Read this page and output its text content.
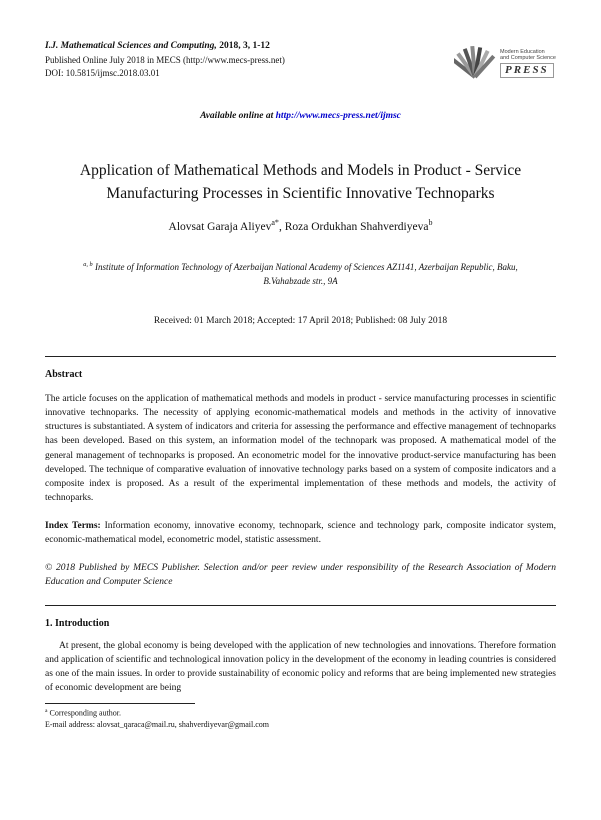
I.J. Mathematical Sciences and Computing, 2018, 3, 1-12
Published Online July 2018 in MECS (http://www.mecs-press.net)
DOI: 10.5815/ijmsc.2018.03.01
Modern Education
and Computer Science
PRESS
Available online at http://www.mecs-press.net/ijmsc
Application of Mathematical Methods and Models in Product - Service Manufacturing Processes in Scientific Innovative Technoparks
Alovsat Garaja Aliyev$^{a*}$, Roza Ordukhan Shahverdiyeva$^b$
$^{a, b}$ Institute of Information Technology of Azerbaijan National Academy of Sciences AZ1141, Azerbaijan Republic, Baku, B.Vahabzade str., 9A
Received: 01 March 2018; Accepted: 17 April 2018; Published: 08 July 2018
Abstract
The article focuses on the application of mathematical methods and models in product - service manufacturing processes in scientific innovative technoparks. The necessity of applying economic-mathematical models and methods in the activity of innovative structures is substantiated. A system of indicators and criteria for assessing the performance and effective management of technoparks has been developed. Based on this system, an information model of the technopark was proposed. A mathematical model of the general management of technoparks is proposed. An econometric model for the innovative product-service manufacturing has been developed. The technique of comparative evaluation of innovative technology parks based on a system of composite indicators and a composite index is proposed. As a result of the experimental implementation of these methods and models, the activity of technoparks.
Index Terms: Information economy, innovative economy, technopark, science and technology park, composite indicator system, economic-mathematical model, econometric model, statistic assessment.
© 2018 Published by MECS Publisher. Selection and/or peer review under responsibility of the Research Association of Modern Education and Computer Science
1. Introduction
At present, the global economy is being developed with the application of new technologies and innovations. Therefore formation and application of scientific and technological innovation policy in the development of the economy in leading countries is considered as one of the main issues. In order to provide sustainability of economic policy and reforms that are being implemented new strategies of economic development are being
$^a$ Corresponding author.
E-mail address: alovsat_qaraca@mail.ru, shahverdiyevar@gmail.com
